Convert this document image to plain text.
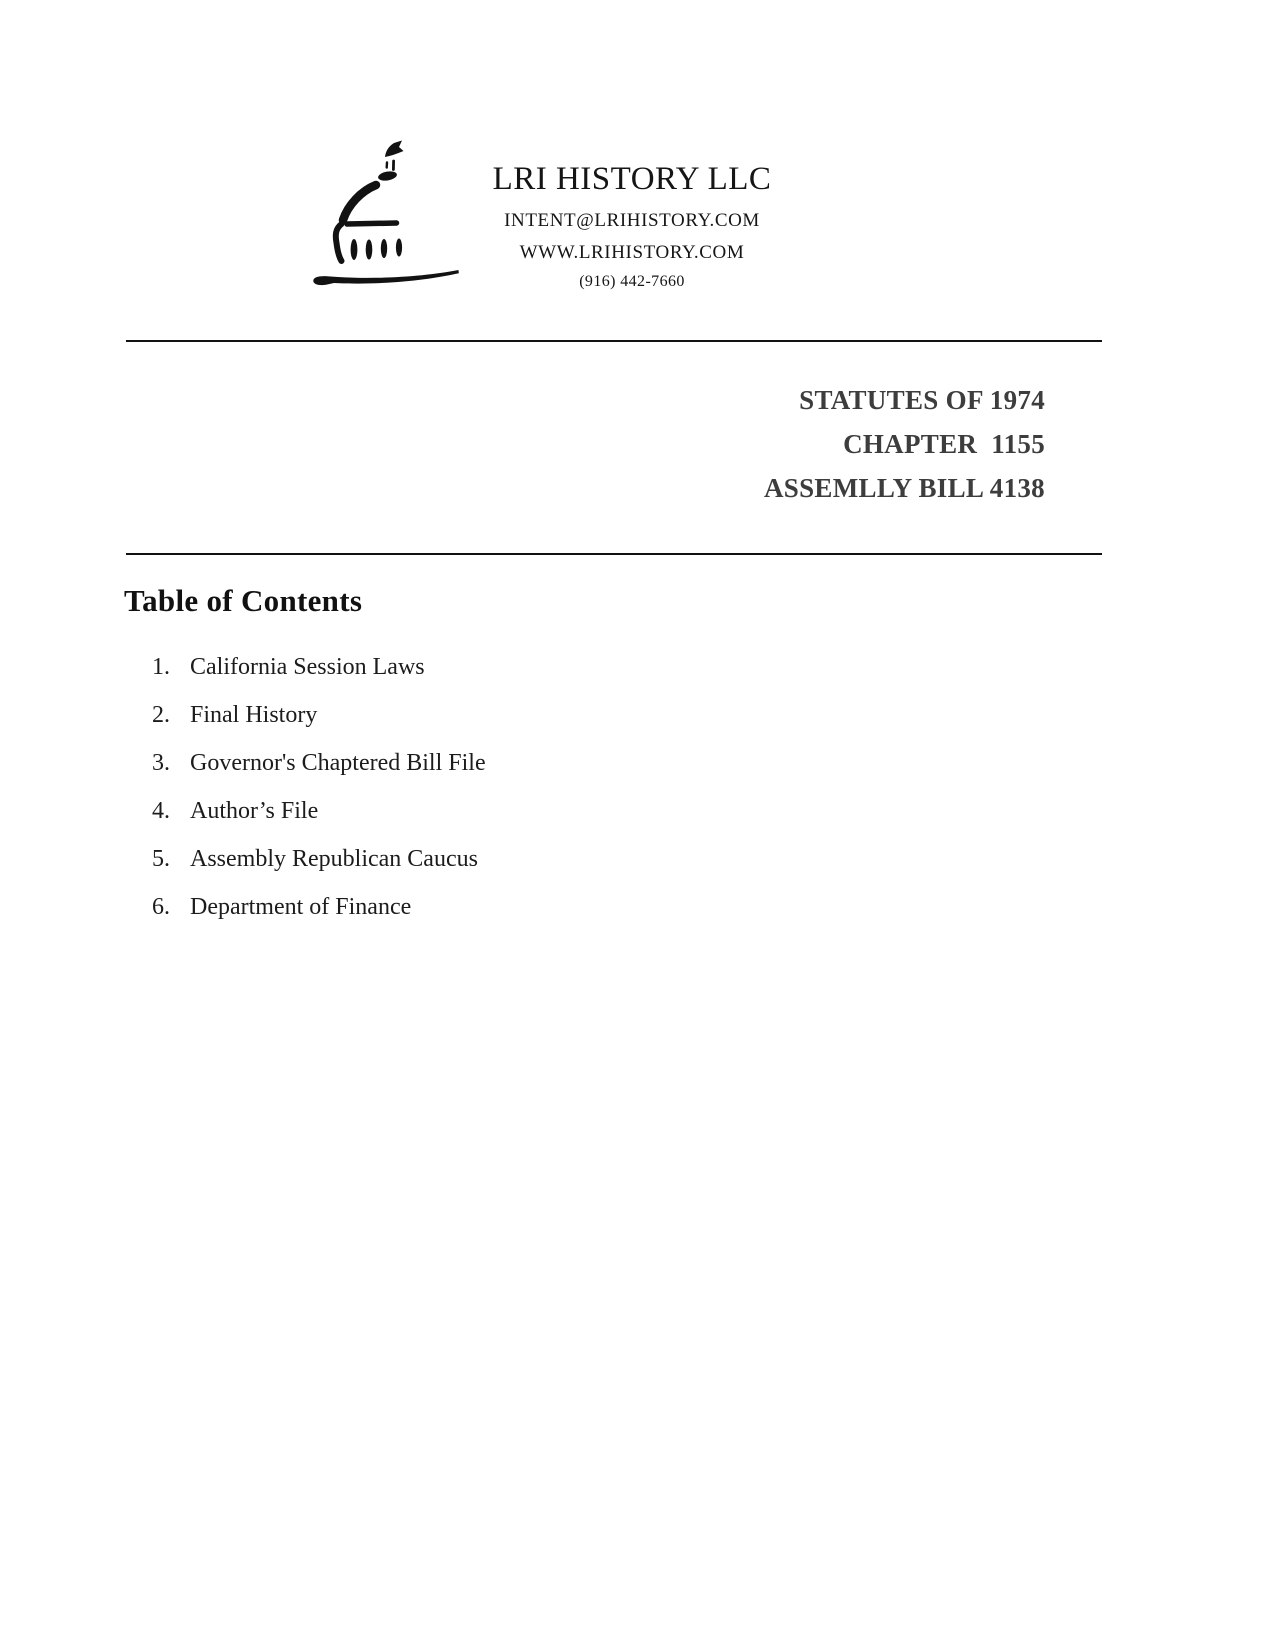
LRI HISTORY LLC
INTENT@LRIHISTORY.COM
WWW.LRIHISTORY.COM
(916) 442-7660
STATUTES OF 1974
CHAPTER  1155
ASSEMLLY BILL 4138
Table of Contents
1. California Session Laws
2. Final History
3. Governor's Chaptered Bill File
4. Author’s File
5. Assembly Republican Caucus
6. Department of Finance
